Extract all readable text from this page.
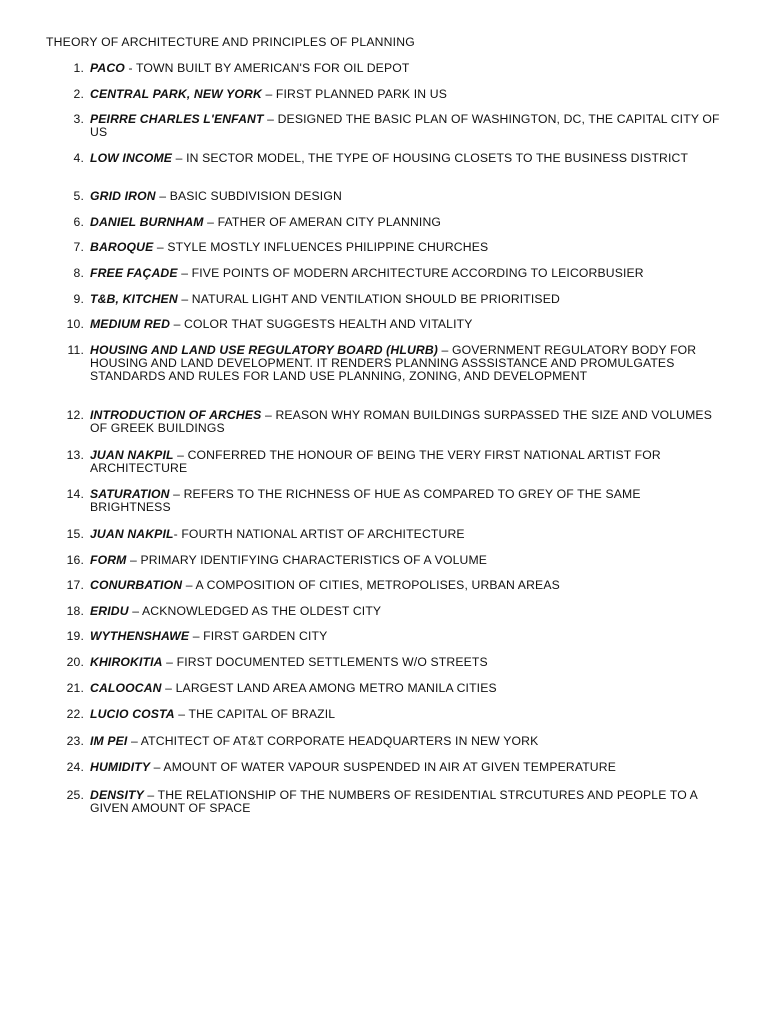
THEORY OF ARCHITECTURE AND PRINCIPLES OF PLANNING
1. PACO - TOWN BUILT BY AMERICAN'S FOR OIL DEPOT
2. CENTRAL PARK, NEW YORK – FIRST PLANNED PARK IN US
3. PEIRRE CHARLES L'ENFANT – DESIGNED THE BASIC PLAN OF WASHINGTON, DC, THE CAPITAL CITY OF US
4. LOW INCOME – IN SECTOR MODEL, THE TYPE OF HOUSING CLOSETS TO THE BUSINESS DISTRICT
5. GRID IRON – BASIC SUBDIVISION DESIGN
6. DANIEL BURNHAM – FATHER OF AMERAN CITY PLANNING
7. BAROQUE – STYLE MOSTLY INFLUENCES PHILIPPINE CHURCHES
8. FREE FAÇADE – FIVE POINTS OF MODERN ARCHITECTURE ACCORDING TO LEICORBUSIER
9. T&B, KITCHEN – NATURAL LIGHT AND VENTILATION SHOULD BE PRIORITISED
10. MEDIUM RED – COLOR THAT SUGGESTS HEALTH AND VITALITY
11. HOUSING AND LAND USE REGULATORY BOARD (HLURB) – GOVERNMENT REGULATORY BODY FOR HOUSING AND LAND DEVELOPMENT. IT RENDERS PLANNING ASSSISTANCE AND PROMULGATES STANDARDS AND RULES FOR LAND USE PLANNING, ZONING, AND DEVELOPMENT
12. INTRODUCTION OF ARCHES – REASON WHY ROMAN BUILDINGS SURPASSED THE SIZE AND VOLUMES OF GREEK BUILDINGS
13. JUAN NAKPIL – CONFERRED THE HONOUR OF BEING THE VERY FIRST NATIONAL ARTIST FOR ARCHITECTURE
14. SATURATION – REFERS TO THE RICHNESS OF HUE AS COMPARED TO GREY OF THE SAME BRIGHTNESS
15. JUAN NAKPIL- FOURTH NATIONAL ARTIST OF ARCHITECTURE
16. FORM – PRIMARY IDENTIFYING CHARACTERISTICS OF A VOLUME
17. CONURBATION – A COMPOSITION OF CITIES, METROPOLISES, URBAN AREAS
18. ERIDU – ACKNOWLEDGED AS THE OLDEST CITY
19. WYTHENSHAWE – FIRST GARDEN CITY
20. KHIROKITIA – FIRST DOCUMENTED SETTLEMENTS W/O STREETS
21. CALOOCAN – LARGEST LAND AREA AMONG METRO MANILA CITIES
22. LUCIO COSTA – THE CAPITAL OF BRAZIL
23. IM PEI – ATCHITECT OF AT&T CORPORATE HEADQUARTERS IN NEW YORK
24. HUMIDITY – AMOUNT OF WATER VAPOUR SUSPENDED IN AIR AT GIVEN TEMPERATURE
25. DENSITY – THE RELATIONSHIP OF THE NUMBERS OF RESIDENTIAL STRCUTURES AND PEOPLE TO A GIVEN AMOUNT OF SPACE
